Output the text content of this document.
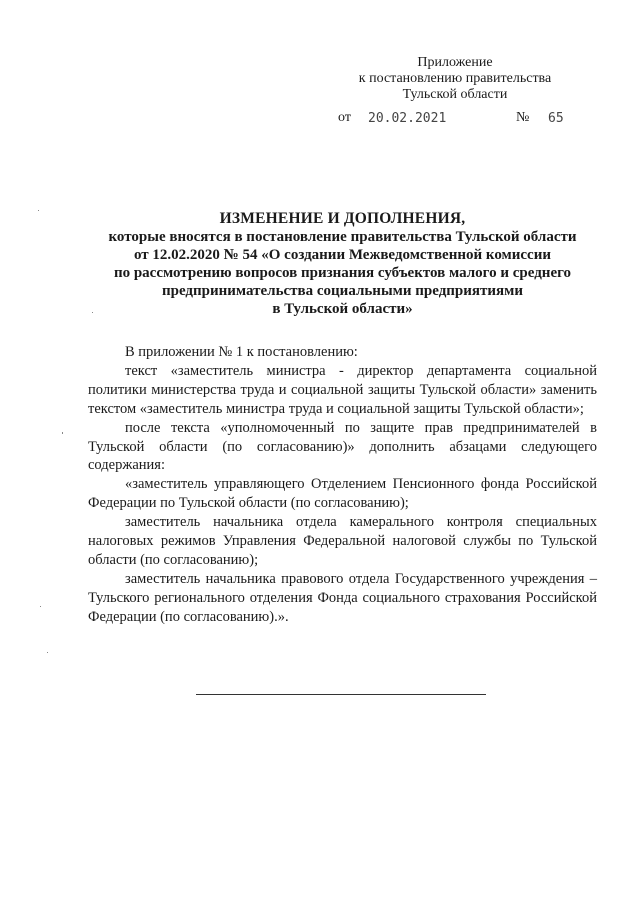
Приложение
к постановлению правительства
Тульской области
от 20.02.2021	№ 65
ИЗМЕНЕНИЕ И ДОПОЛНЕНИЯ,
которые вносятся в постановление правительства Тульской области
от 12.02.2020 № 54 «О создании Межведомственной комиссии
по рассмотрению вопросов признания субъектов малого и среднего
предпринимательства социальными предприятиями
в Тульской области»

В приложении № 1 к постановлению:

текст «заместитель министра - директор департамента социальной политики министерства труда и социальной защиты Тульской области» заменить текстом «заместитель министра труда и социальной защиты Тульской области»;

после текста «уполномоченный по защите прав предпринимателей в Тульской области (по согласованию)» дополнить абзацами следующего содержания:

«заместитель управляющего Отделением Пенсионного фонда Российской Федерации по Тульской области (по согласованию);

заместитель начальника отдела камерального контроля специальных налоговых режимов Управления Федеральной налоговой службы по Тульской области (по согласованию);

заместитель начальника правового отдела Государственного учреждения – Тульского регионального отделения Фонда социального страхования Российской Федерации (по согласованию).».
